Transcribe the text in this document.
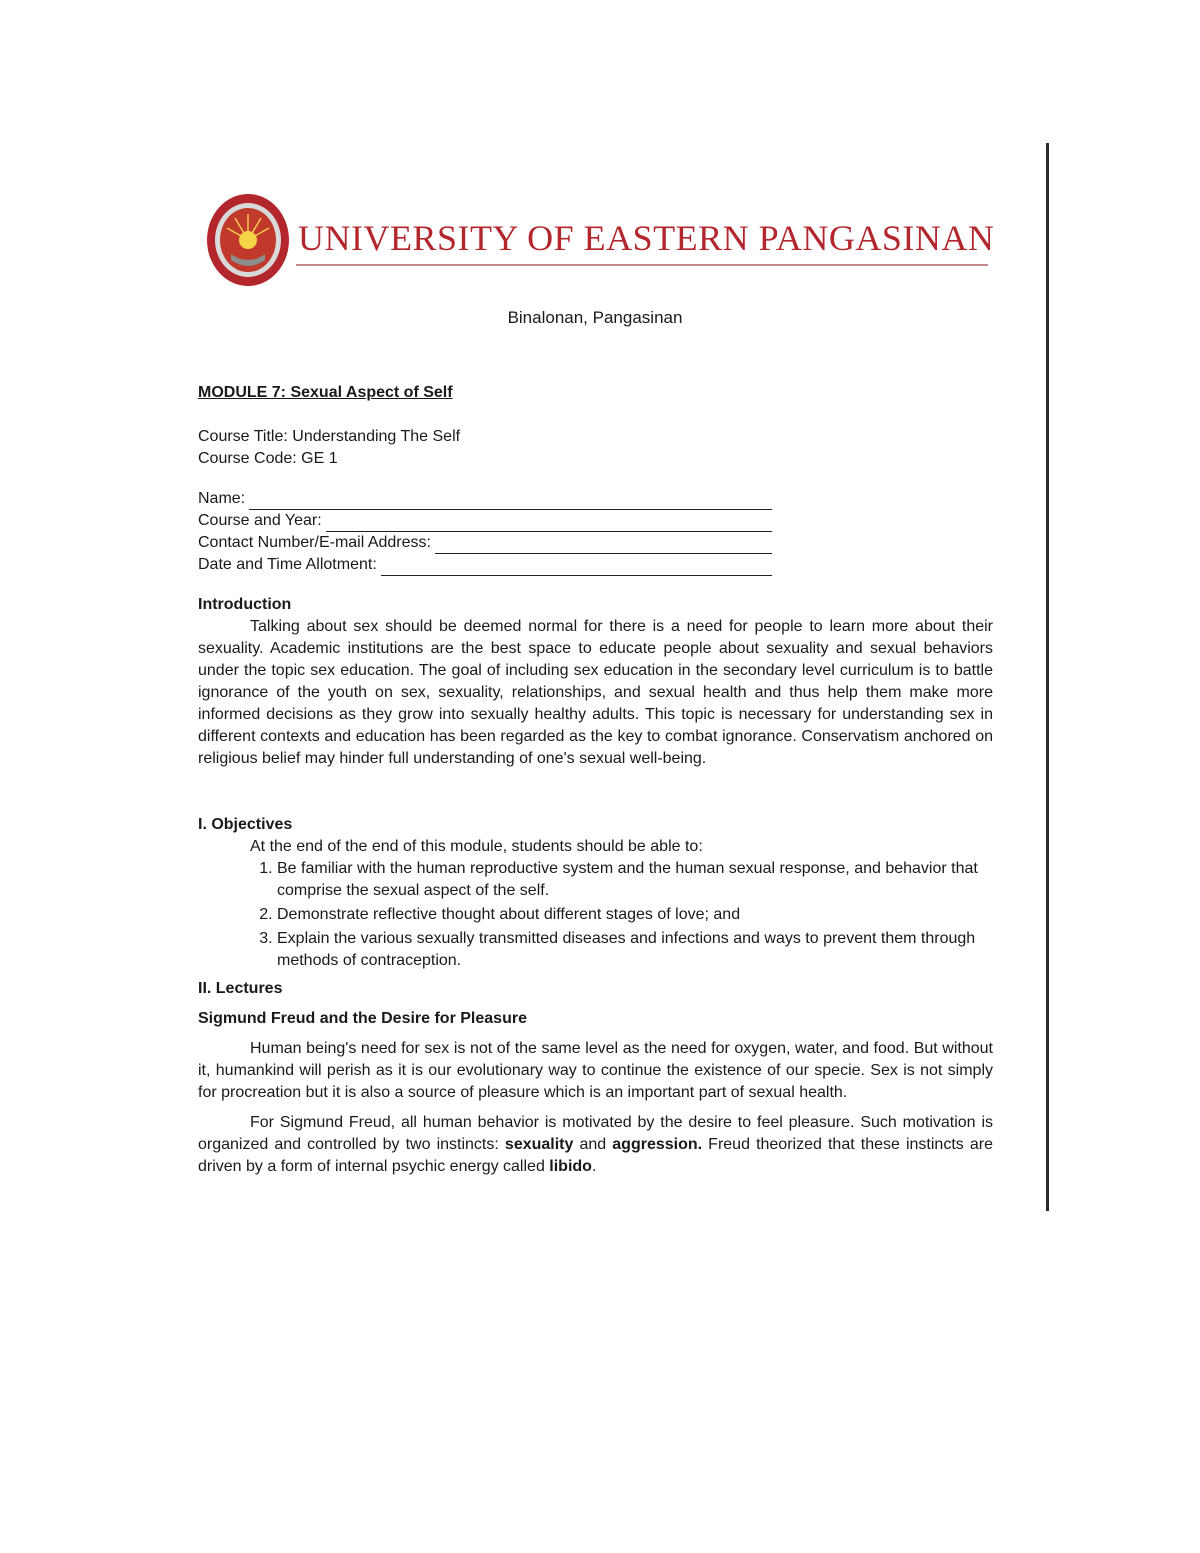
UNIVERSITY OF EASTERN PANGASINAN
Binalonan, Pangasinan

MODULE 7: Sexual Aspect of Self

Course Title: Understanding The Self

Course Code: GE 1

Name:
Course and Year:
Contact Number/E-mail Address:
Date and Time Allotment:

Introduction

Talking about sex should be deemed normal for there is a need for people to learn more about their sexuality. Academic institutions are the best space to educate people about sexuality and sexual behaviors under the topic sex education. The goal of including sex education in the secondary level curriculum is to battle ignorance of the youth on sex, sexuality, relationships, and sexual health and thus help them make more informed decisions as they grow into sexually healthy adults. This topic is necessary for understanding sex in different contexts and education has been regarded as the key to combat ignorance. Conservatism anchored on religious belief may hinder full understanding of one's sexual well-being.

I. Objectives

At the end of the end of this module, students should be able to:

1. Be familiar with the human reproductive system and the human sexual response, and behavior that comprise the sexual aspect of the self.
2. Demonstrate reflective thought about different stages of love; and
3. Explain the various sexually transmitted diseases and infections and ways to prevent them through methods of contraception.

II. Lectures

Sigmund Freud and the Desire for Pleasure

Human being's need for sex is not of the same level as the need for oxygen, water, and food. But without it, humankind will perish as it is our evolutionary way to continue the existence of our specie. Sex is not simply for procreation but it is also a source of pleasure which is an important part of sexual health.

For Sigmund Freud, all human behavior is motivated by the desire to feel pleasure. Such motivation is organized and controlled by two instincts: sexuality and aggression. Freud theorized that these instincts are driven by a form of internal psychic energy called libido.
